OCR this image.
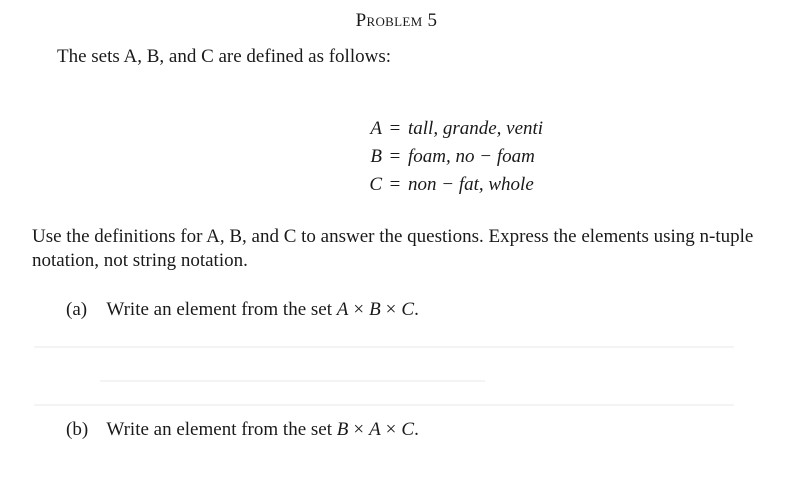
Problem 5
The sets A, B, and C are defined as follows:
A = tall, grande, venti
B = foam, no − foam
C = non − fat, whole
Use the definitions for A, B, and C to answer the questions. Express the elements using n-tuple notation, not string notation.
(a) Write an element from the set A × B × C.
(b) Write an element from the set B × A × C.
